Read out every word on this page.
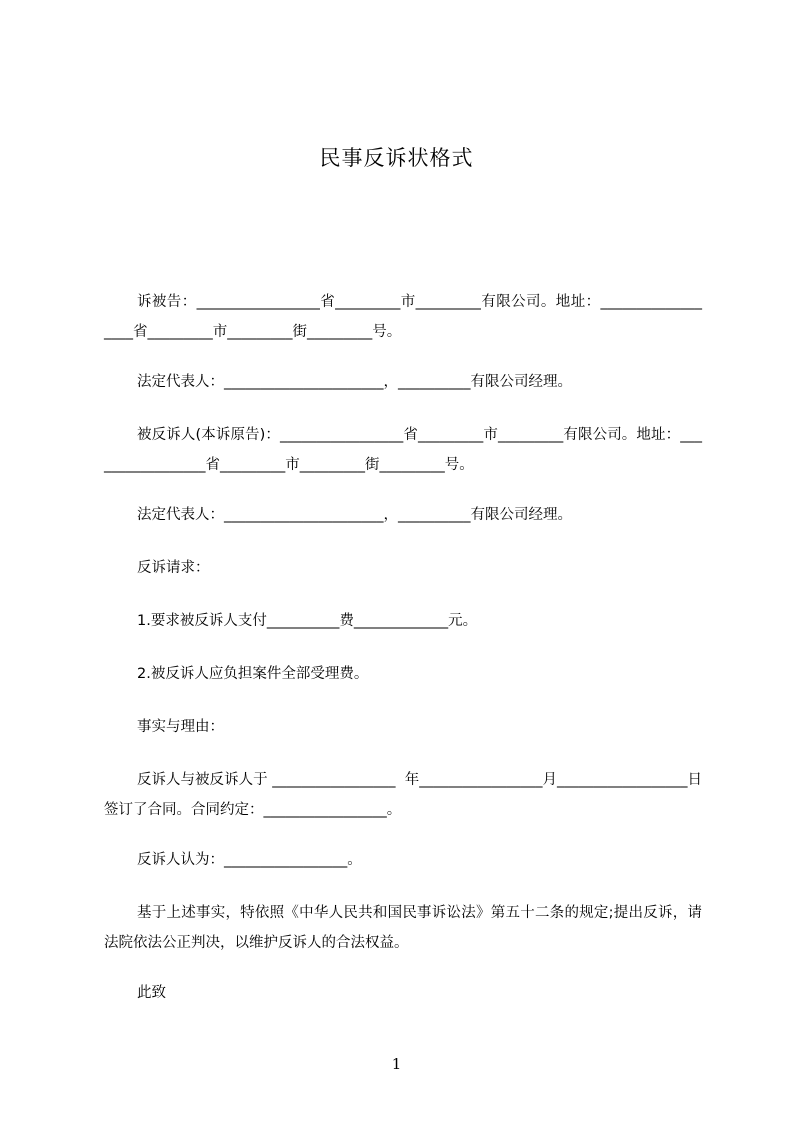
民事反诉状格式
诉被告：_________________省_________市_________有限公司。地址：__________________省_________市_________街_________号。
法定代表人：______________________，__________有限公司经理。
被反诉人(本诉原告)：_________________省_________市_________有限公司。地址：_________________省_________市_________街_________号。
法定代表人：______________________，__________有限公司经理。
反诉请求：
1.要求被反诉人支付__________费_____________元。
2.被反诉人应负担案件全部受理费。
事实与理由：
反诉人与被反诉人于 _________________  年_________________月__________________日签订了合同。合同约定：_________________。
反诉人认为：_________________。
基于上述事实，特依照《中华人民共和国民事诉讼法》第五十二条的规定;提出反诉，请法院依法公正判决，以维护反诉人的合法权益。
此致
1
